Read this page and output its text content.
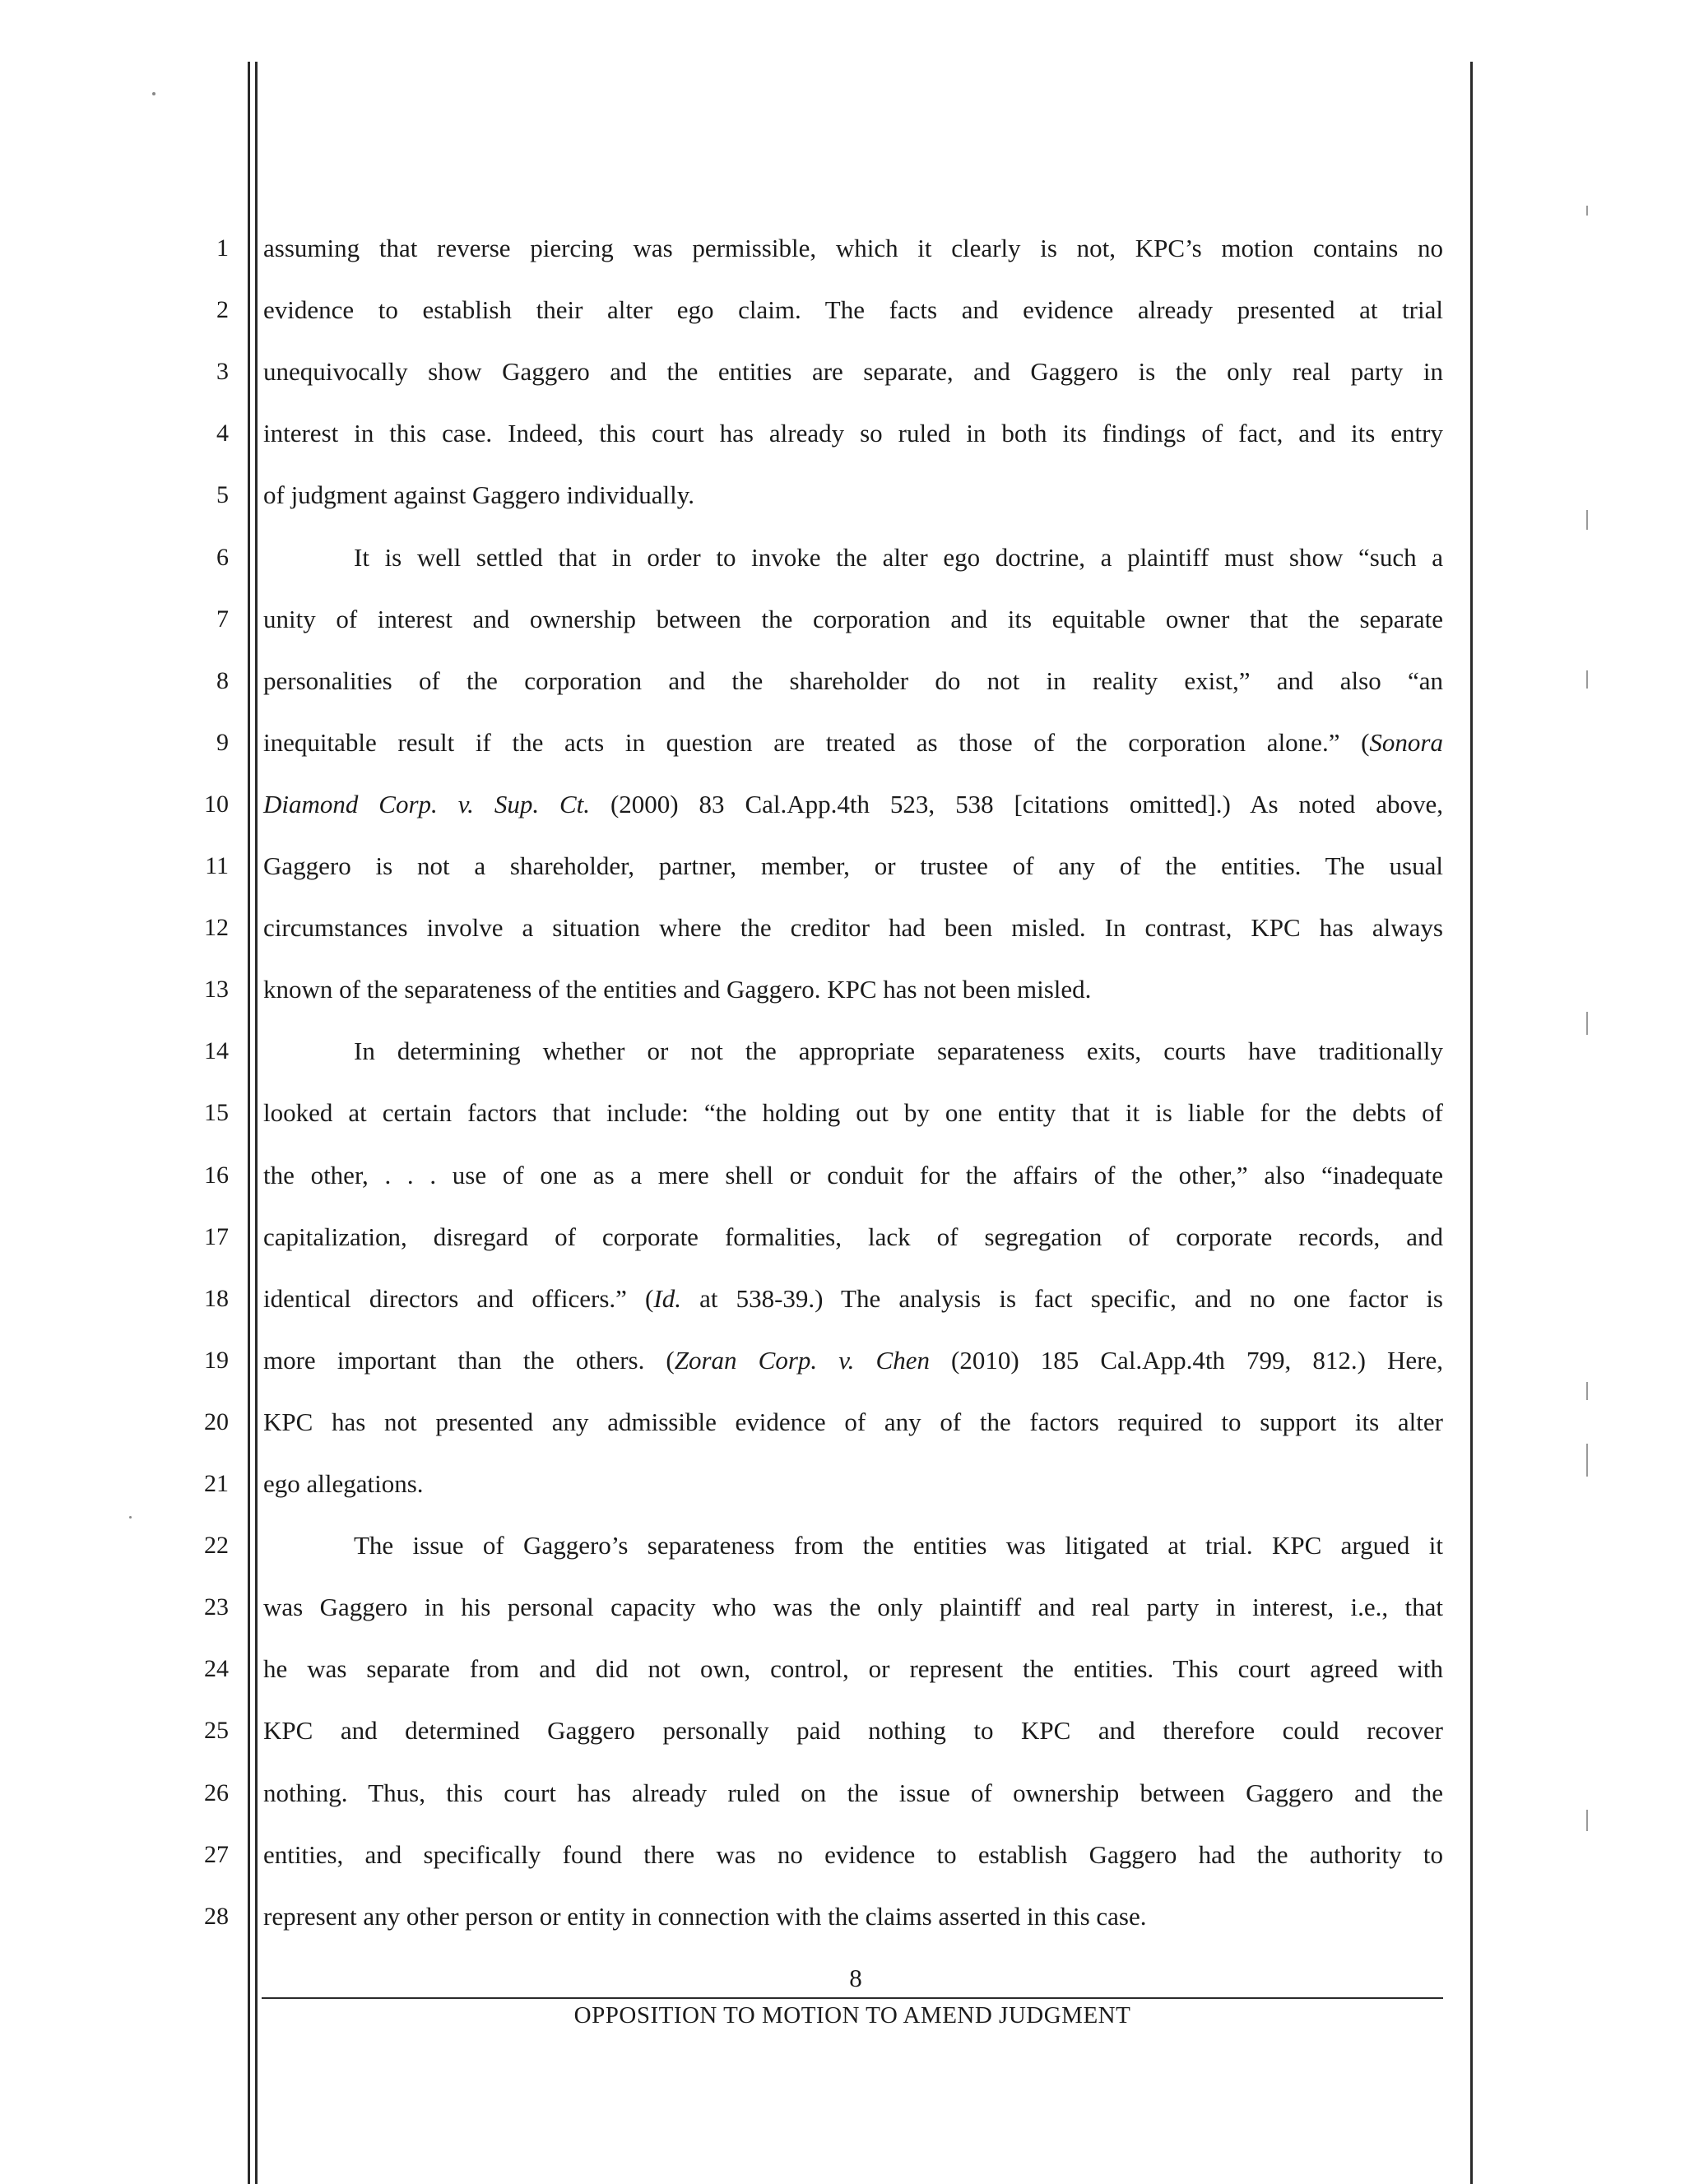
1 assuming that reverse piercing was permissible, which it clearly is not, KPC’s motion contains no
2 evidence to establish their alter ego claim. The facts and evidence already presented at trial
3 unequivocally show Gaggero and the entities are separate, and Gaggero is the only real party in
4 interest in this case. Indeed, this court has already so ruled in both its findings of fact, and its entry
5 of judgment against Gaggero individually.
6	It is well settled that in order to invoke the alter ego doctrine, a plaintiff must show “such a
7 unity of interest and ownership between the corporation and its equitable owner that the separate
8 personalities of the corporation and the shareholder do not in reality exist,” and also “an
9 inequitable result if the acts in question are treated as those of the corporation alone.” (Sonora
10 Diamond Corp. v. Sup. Ct. (2000) 83 Cal.App.4th 523, 538 [citations omitted].) As noted above,
11 Gaggero is not a shareholder, partner, member, or trustee of any of the entities. The usual
12 circumstances involve a situation where the creditor had been misled. In contrast, KPC has always
13 known of the separateness of the entities and Gaggero. KPC has not been misled.
14	In determining whether or not the appropriate separateness exits, courts have traditionally
15 looked at certain factors that include: “the holding out by one entity that it is liable for the debts of
16 the other, . . . use of one as a mere shell or conduit for the affairs of the other,” also “inadequate
17 capitalization, disregard of corporate formalities, lack of segregation of corporate records, and
18 identical directors and officers.” (Id. at 538-39.) The analysis is fact specific, and no one factor is
19 more important than the others. (Zoran Corp. v. Chen (2010) 185 Cal.App.4th 799, 812.) Here,
20 KPC has not presented any admissible evidence of any of the factors required to support its alter
21 ego allegations.
22	The issue of Gaggero’s separateness from the entities was litigated at trial. KPC argued it
23 was Gaggero in his personal capacity who was the only plaintiff and real party in interest, i.e., that
24 he was separate from and did not own, control, or represent the entities. This court agreed with
25 KPC and determined Gaggero personally paid nothing to KPC and therefore could recover
26 nothing. Thus, this court has already ruled on the issue of ownership between Gaggero and the
27 entities, and specifically found there was no evidence to establish Gaggero had the authority to
28 represent any other person or entity in connection with the claims asserted in this case.
8
OPPOSITION TO MOTION TO AMEND JUDGMENT
